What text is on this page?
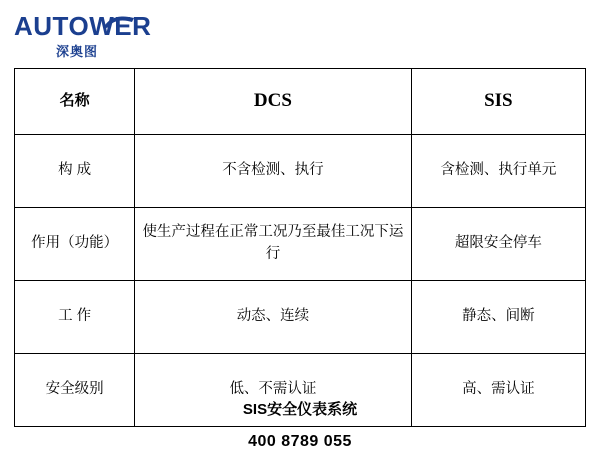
AUTOWER
深奥图
名称	DCS	SIS
构 成	不含检测、执行	含检测、执行单元
作用（功能）	使生产过程在正常工况乃至最佳工况下运行	超限安全停车
工 作	动态、连续	静态、间断
安全级别	低、不需认证	高、需认证
SIS安全仪表系统
400 8789 055
